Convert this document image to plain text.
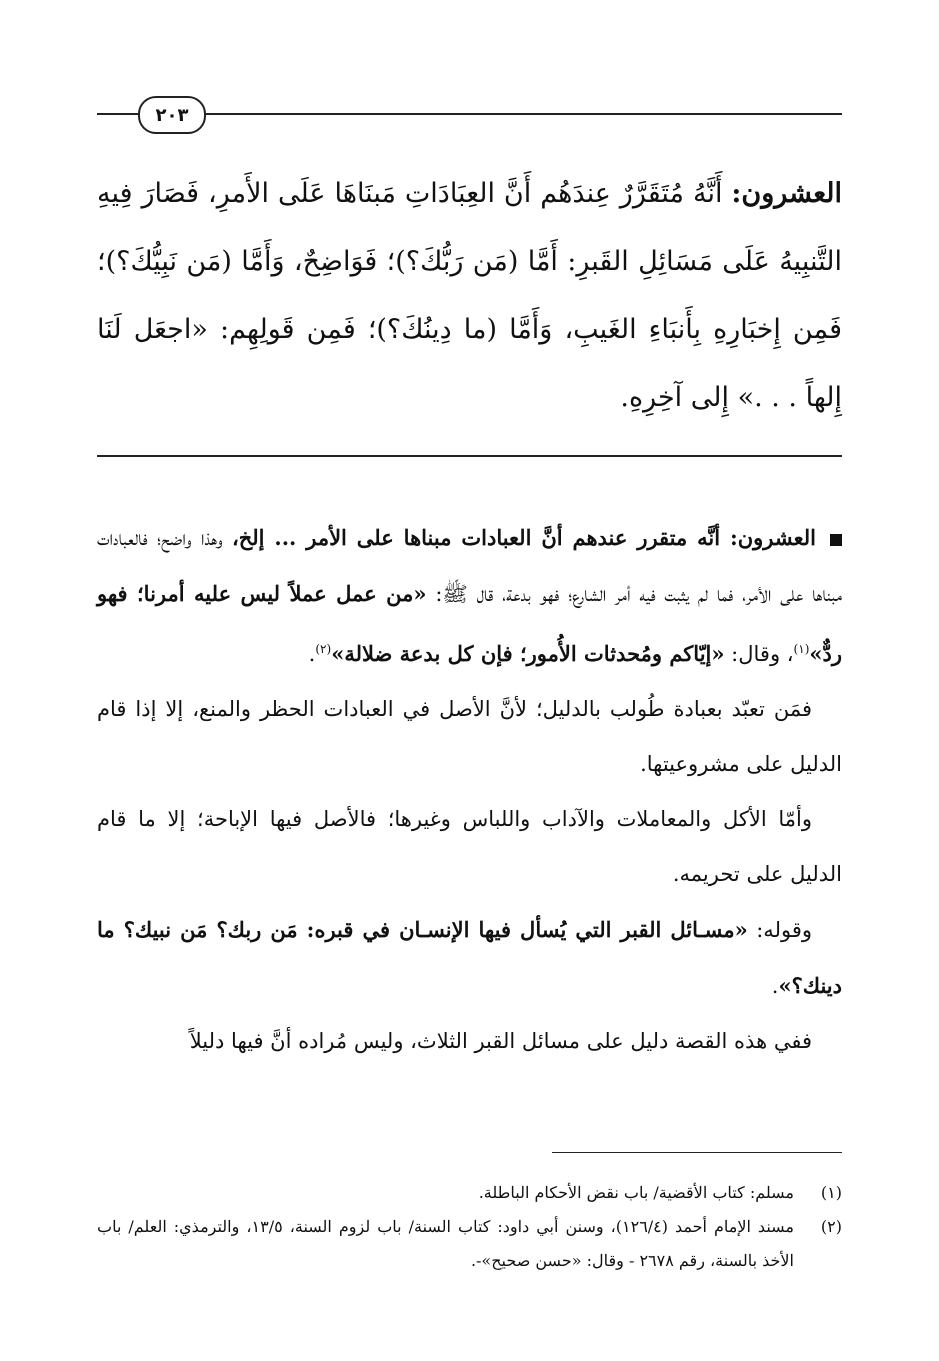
٢٠٣
العشرون: أَنَّهُ مُتَقَرَّرٌ عِندَهُم أَنَّ العِبَادَاتِ مَبنَاهَا عَلَى الأَمرِ، فَصَارَ فِيهِ التَّنبِيهُ عَلَى مَسَائِلِ القَبرِ: أَمَّا (مَن رَبُّكَ؟)؛ فَوَاضِحٌ، وَأَمَّا (مَن نَبِيُّكَ؟)؛ فَمِن إِخبَارِهِ بِأَنبَاءِ الغَيبِ، وَأَمَّا (ما دِينُكَ؟)؛ فَمِن قَولِهِم: «اجعَل لَنَا إِلهاً . . .» إِلى آخِرِهِ.

العشرون: أنَّه متقرر عندهم أنَّ العبادات مبناها على الأمر ... إلخ، وهذا واضح؛ فالعبادات مبناها على الأمر، فما لم يثبت فيه أمر الشارع؛ فهو بدعة، قال ﷺ: «من عمل عملاً ليس عليه أمرنا؛ فهو ردٌّ»$^{(١)}$، وقال: «إيّاكم ومُحدثات الأُمور؛ فإن كل بدعة ضلالة»$^{(٢)}$.

فمَن تعبّد بعبادة طُولب بالدليل؛ لأنَّ الأصل في العبادات الحظر والمنع، إلا إذا قام الدليل على مشروعيتها.

وأمّا الأكل والمعاملات والآداب واللباس وغيرها؛ فالأصل فيها الإباحة؛ إلا ما قام الدليل على تحريمه.

وقوله: «مسـائل القبر التي يُسأل فيها الإنسـان في قبره: مَن ربك؟ مَن نبيك؟ ما دينك؟».

ففي هذه القصة دليل على مسائل القبر الثلاث، وليس مُراده أنَّ فيها دليلاً

(١)
مسلم: كتاب الأقضية/ باب نقض الأحكام الباطلة.
(٢)
مسند الإمام أحمد (١٢٦/٤)، وسنن أبي داود: كتاب السنة/ باب لزوم السنة، ١٣/٥، والترمذي: العلم/ باب الأخذ بالسنة، رقم ٢٦٧٨ - وقال: «حسن صحيح»-.
